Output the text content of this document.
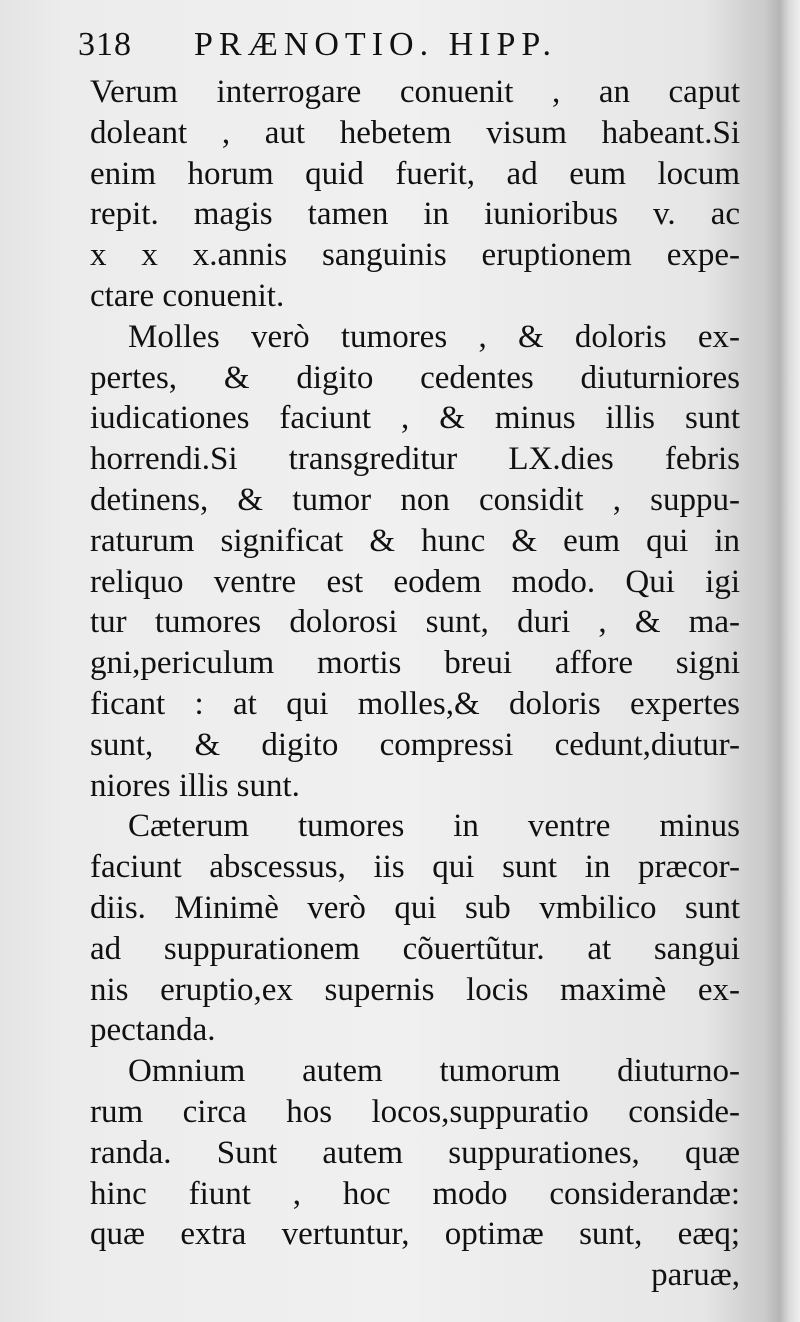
318 PRÆNOTIO. HIPP.
Verum interrogare conuenit , an caput
doleant , aut hebetem visum habeant.Si
enim horum quid fuerit, ad eum locum
repit. magis tamen in iunioribus v. ac
x x x.annis sanguinis eruptionem expe-
ctare conuenit.
Molles verò tumores , & doloris ex-
pertes, & digito cedentes diuturniores
iudicationes faciunt , & minus illis sunt
horrendi.Si transgreditur LX.dies febris
detinens, & tumor non considit , suppu-
raturum significat & hunc & eum qui in
reliquo ventre est eodem modo. Qui igi
tur tumores dolorosi sunt, duri , & ma-
gni,periculum mortis breui affore signi
ficant : at qui molles,& doloris expertes
sunt, & digito compressi cedunt,diutur-
niores illis sunt.
Cæterum tumores in ventre minus
faciunt abscessus, iis qui sunt in præcor-
diis. Minimè verò qui sub vmbilico sunt
ad suppurationem cõuertũtur. at sangui
nis eruptio,ex supernis locis maximè ex-
pectanda.
Omnium autem tumorum diuturno-
rum circa hos locos,suppuratio conside-
randa. Sunt autem suppurationes, quæ
hinc fiunt , hoc modo considerandæ:
quæ extra vertuntur, optimæ sunt, eæq;
paruæ,
